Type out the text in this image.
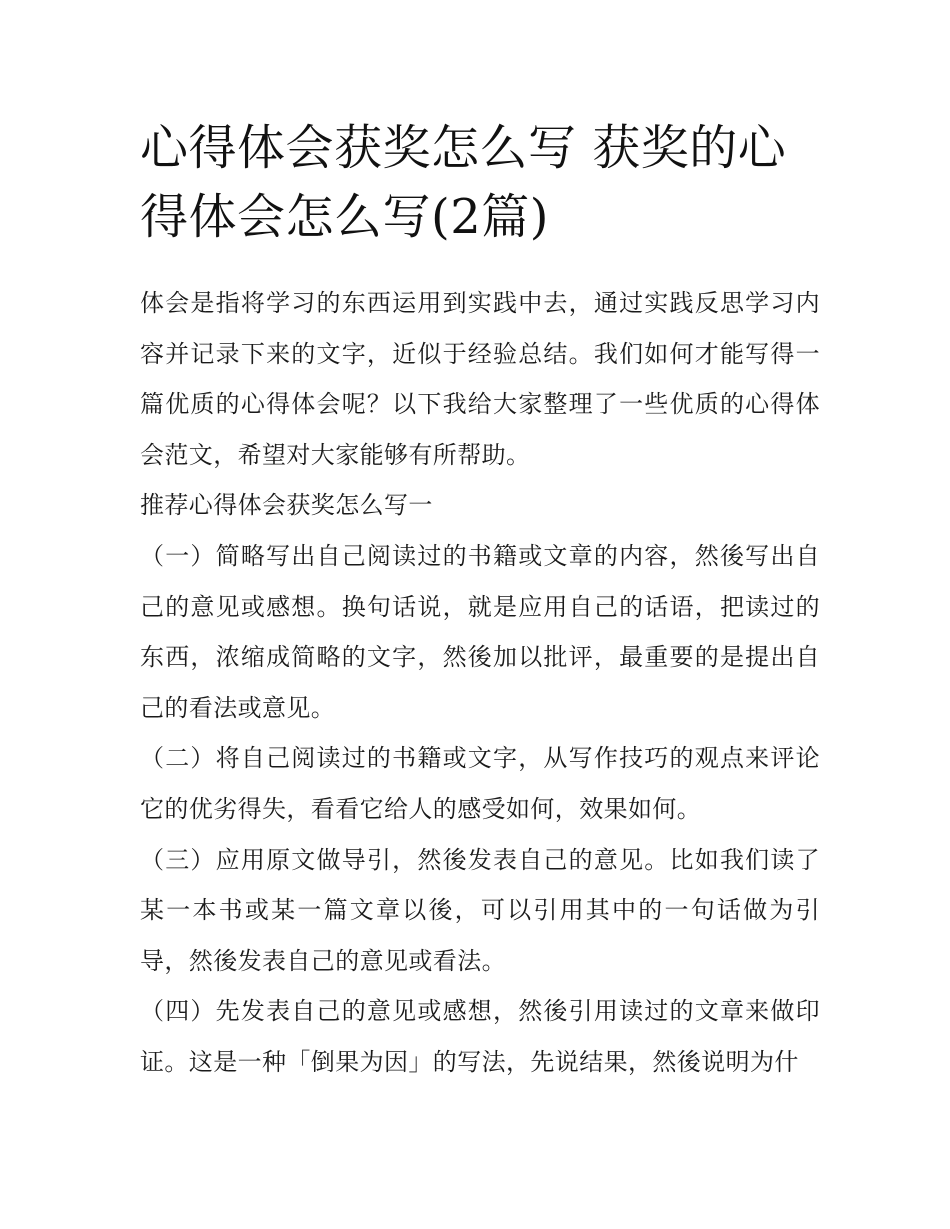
心得体会获奖怎么写 获奖的心得体会怎么写(2篇)

体会是指将学习的东西运用到实践中去，通过实践反思学习内容并记录下来的文字，近似于经验总结。我们如何才能写得一篇优质的心得体会呢？以下我给大家整理了一些优质的心得体会范文，希望对大家能够有所帮助。

推荐心得体会获奖怎么写一

（一）简略写出自己阅读过的书籍或文章的内容，然後写出自己的意见或感想。换句话说，就是应用自己的话语，把读过的东西，浓缩成简略的文字，然後加以批评，最重要的是提出自己的看法或意见。

（二）将自己阅读过的书籍或文字，从写作技巧的观点来评论它的优劣得失，看看它给人的感受如何，效果如何。

（三）应用原文做导引，然後发表自己的意见。比如我们读了某一本书或某一篇文章以後，可以引用其中的一句话做为引导，然後发表自己的意见或看法。

（四）先发表自己的意见或感想，然後引用读过的文章来做印证。这是一种「倒果为因」的写法，先说结果，然後说明为什
